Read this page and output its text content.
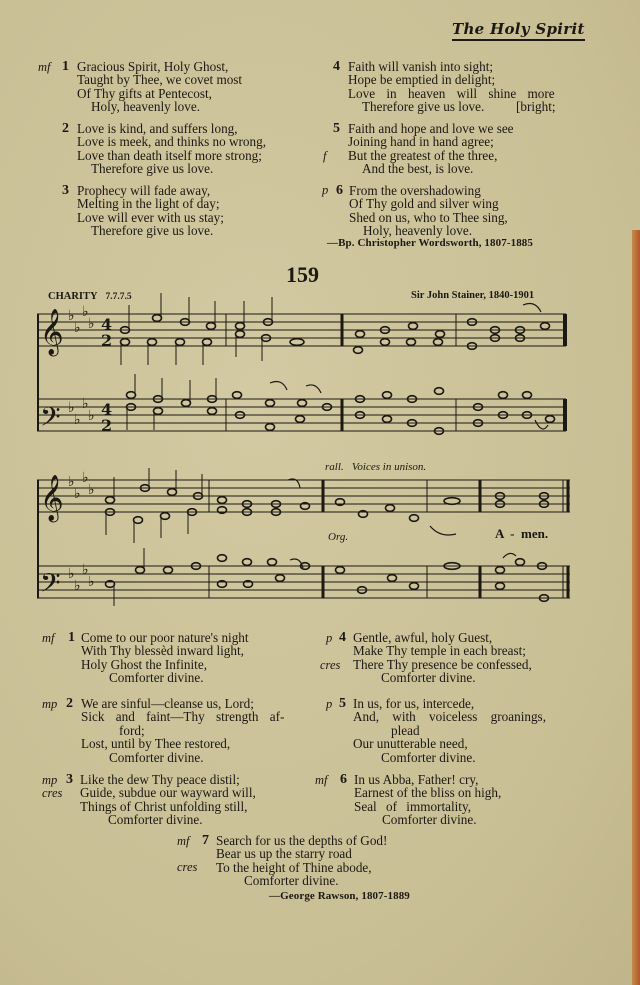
The Holy Spirit
mf 1 Gracious Spirit, Holy Ghost,
Taught by Thee, we covet most
Of Thy gifts at Pentecost,
Holy, heavenly love.
2 Love is kind, and suffers long,
Love is meek, and thinks no wrong,
Love than death itself more strong;
Therefore give us love.
3 Prophecy will fade away,
Melting in the light of day;
Love will ever with us stay;
Therefore give us love.
4 Faith will vanish into sight;
Hope be emptied in delight;
Love in heaven will shine more
Therefore give us love. [bright;
5
f
Faith and hope and love we see
Joining hand in hand agree;
But the greatest of the three,
And the best, is love.
p 6 From the overshadowing
Of Thy gold and silver wing
Shed on us, who to Thee sing,
Holy, heavenly love.
—Bp. Christopher Wordsworth, 1807-1885
159
CHARITY 7.7.7.5	Sir John Stainer, 1840-1901
𝄞
𝄢
𝄞
𝄢
♭
♭
♭
♭
♭
♭
♭
♭
♭
♭
♭
♭
♭
♭
♭
♭
4
2
4
2
rall. Voices in unison.
Org.	A  -  men.
mf 1 Come to our poor nature's night
With Thy blessèd inward light,
Holy Ghost the Infinite,
Comforter divine.
mp 2 We are sinful—cleanse us, Lord;
Sick and faint—Thy strength af-
ford;
Lost, until by Thee restored,
Comforter divine.
mp 3
cres
Like the dew Thy peace distil;
Guide, subdue our wayward will,
Things of Christ unfolding still,
Comforter divine.
p 4
cres
Gentle, awful, holy Guest,
Make Thy temple in each breast;
There Thy presence be confessed,
Comforter divine.
p 5 In us, for us, intercede,
And, with voiceless groanings,
plead
Our unutterable need,
Comforter divine.
mf 6 In us Abba, Father! cry,
Earnest of the bliss on high,
Seal of immortality,
Comforter divine.
mf 7
cres
Search for us the depths of God!
Bear us up the starry road
To the height of Thine abode,
Comforter divine.
—George Rawson, 1807-1889
